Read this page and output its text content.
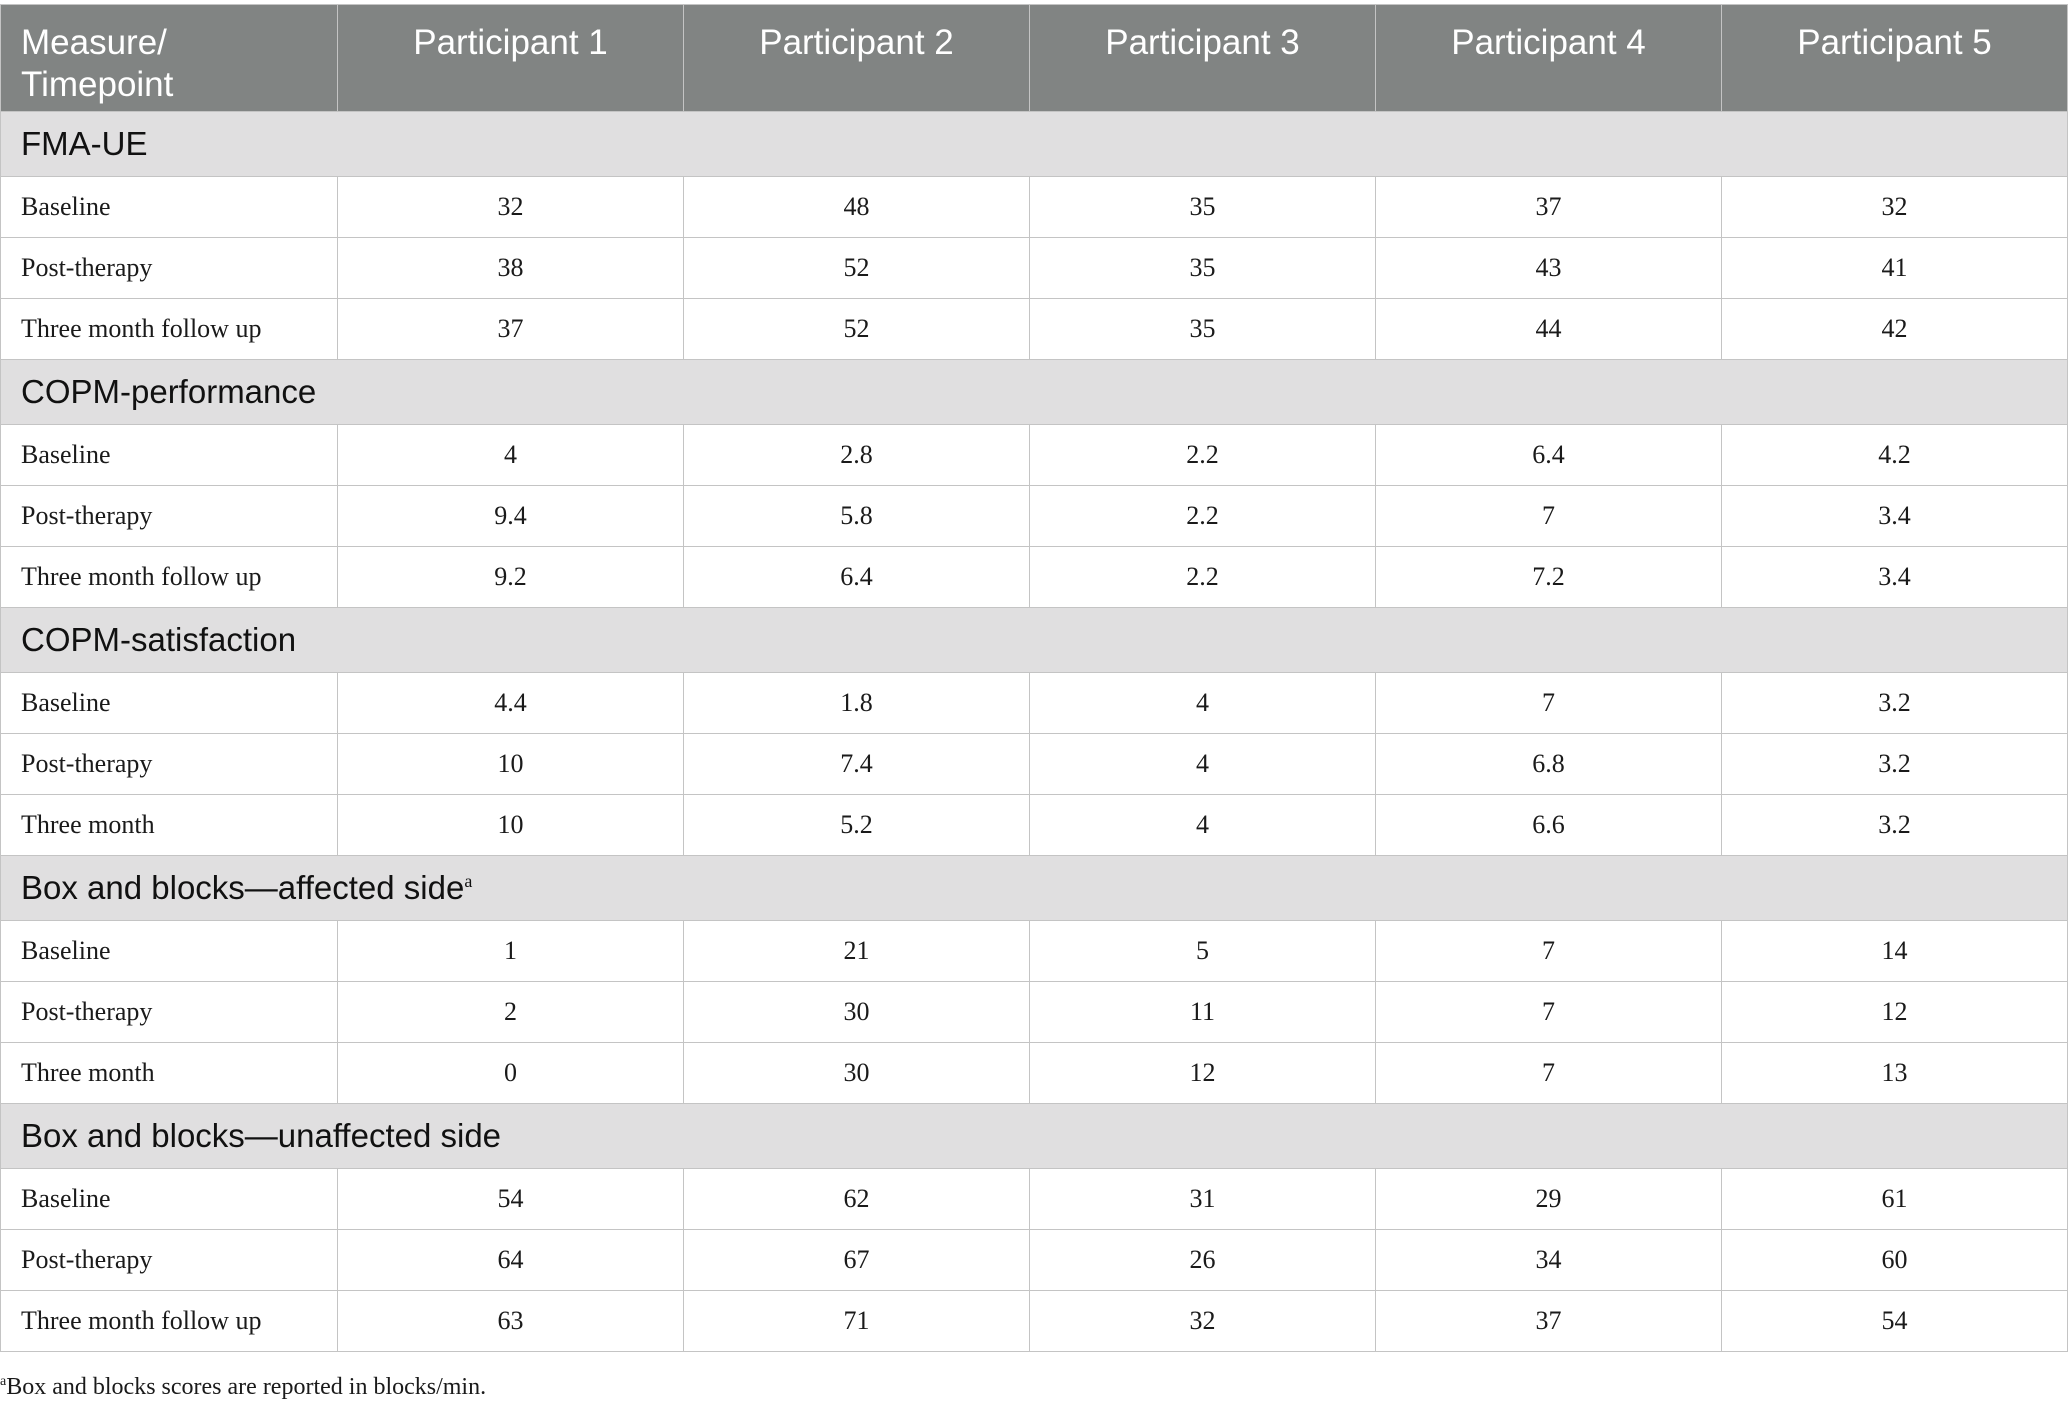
Measure/
Timepoint	Participant 1	Participant 2	Participant 3	Participant 4	Participant 5
FMA-UE					
Baseline	32	48	35	37	32
Post-therapy	38	52	35	43	41
Three month follow up	37	52	35	44	42
COPM-performance					
Baseline	4	2.8	2.2	6.4	4.2
Post-therapy	9.4	5.8	2.2	7	3.4
Three month follow up	9.2	6.4	2.2	7.2	3.4
COPM-satisfaction					
Baseline	4.4	1.8	4	7	3.2
Post-therapy	10	7.4	4	6.8	3.2
Three month	10	5.2	4	6.6	3.2
Box and blocks—affected side$^a$
Baseline	1	21	5	7	14
Post-therapy	2	30	11	7	12
Three month	0	30	12	7	13
Box and blocks—unaffected side					
Baseline	54	62	31	29	61
Post-therapy	64	67	26	34	60
Three month follow up	63	71	32	37	54
$^a$Box and blocks scores are reported in blocks/min.
